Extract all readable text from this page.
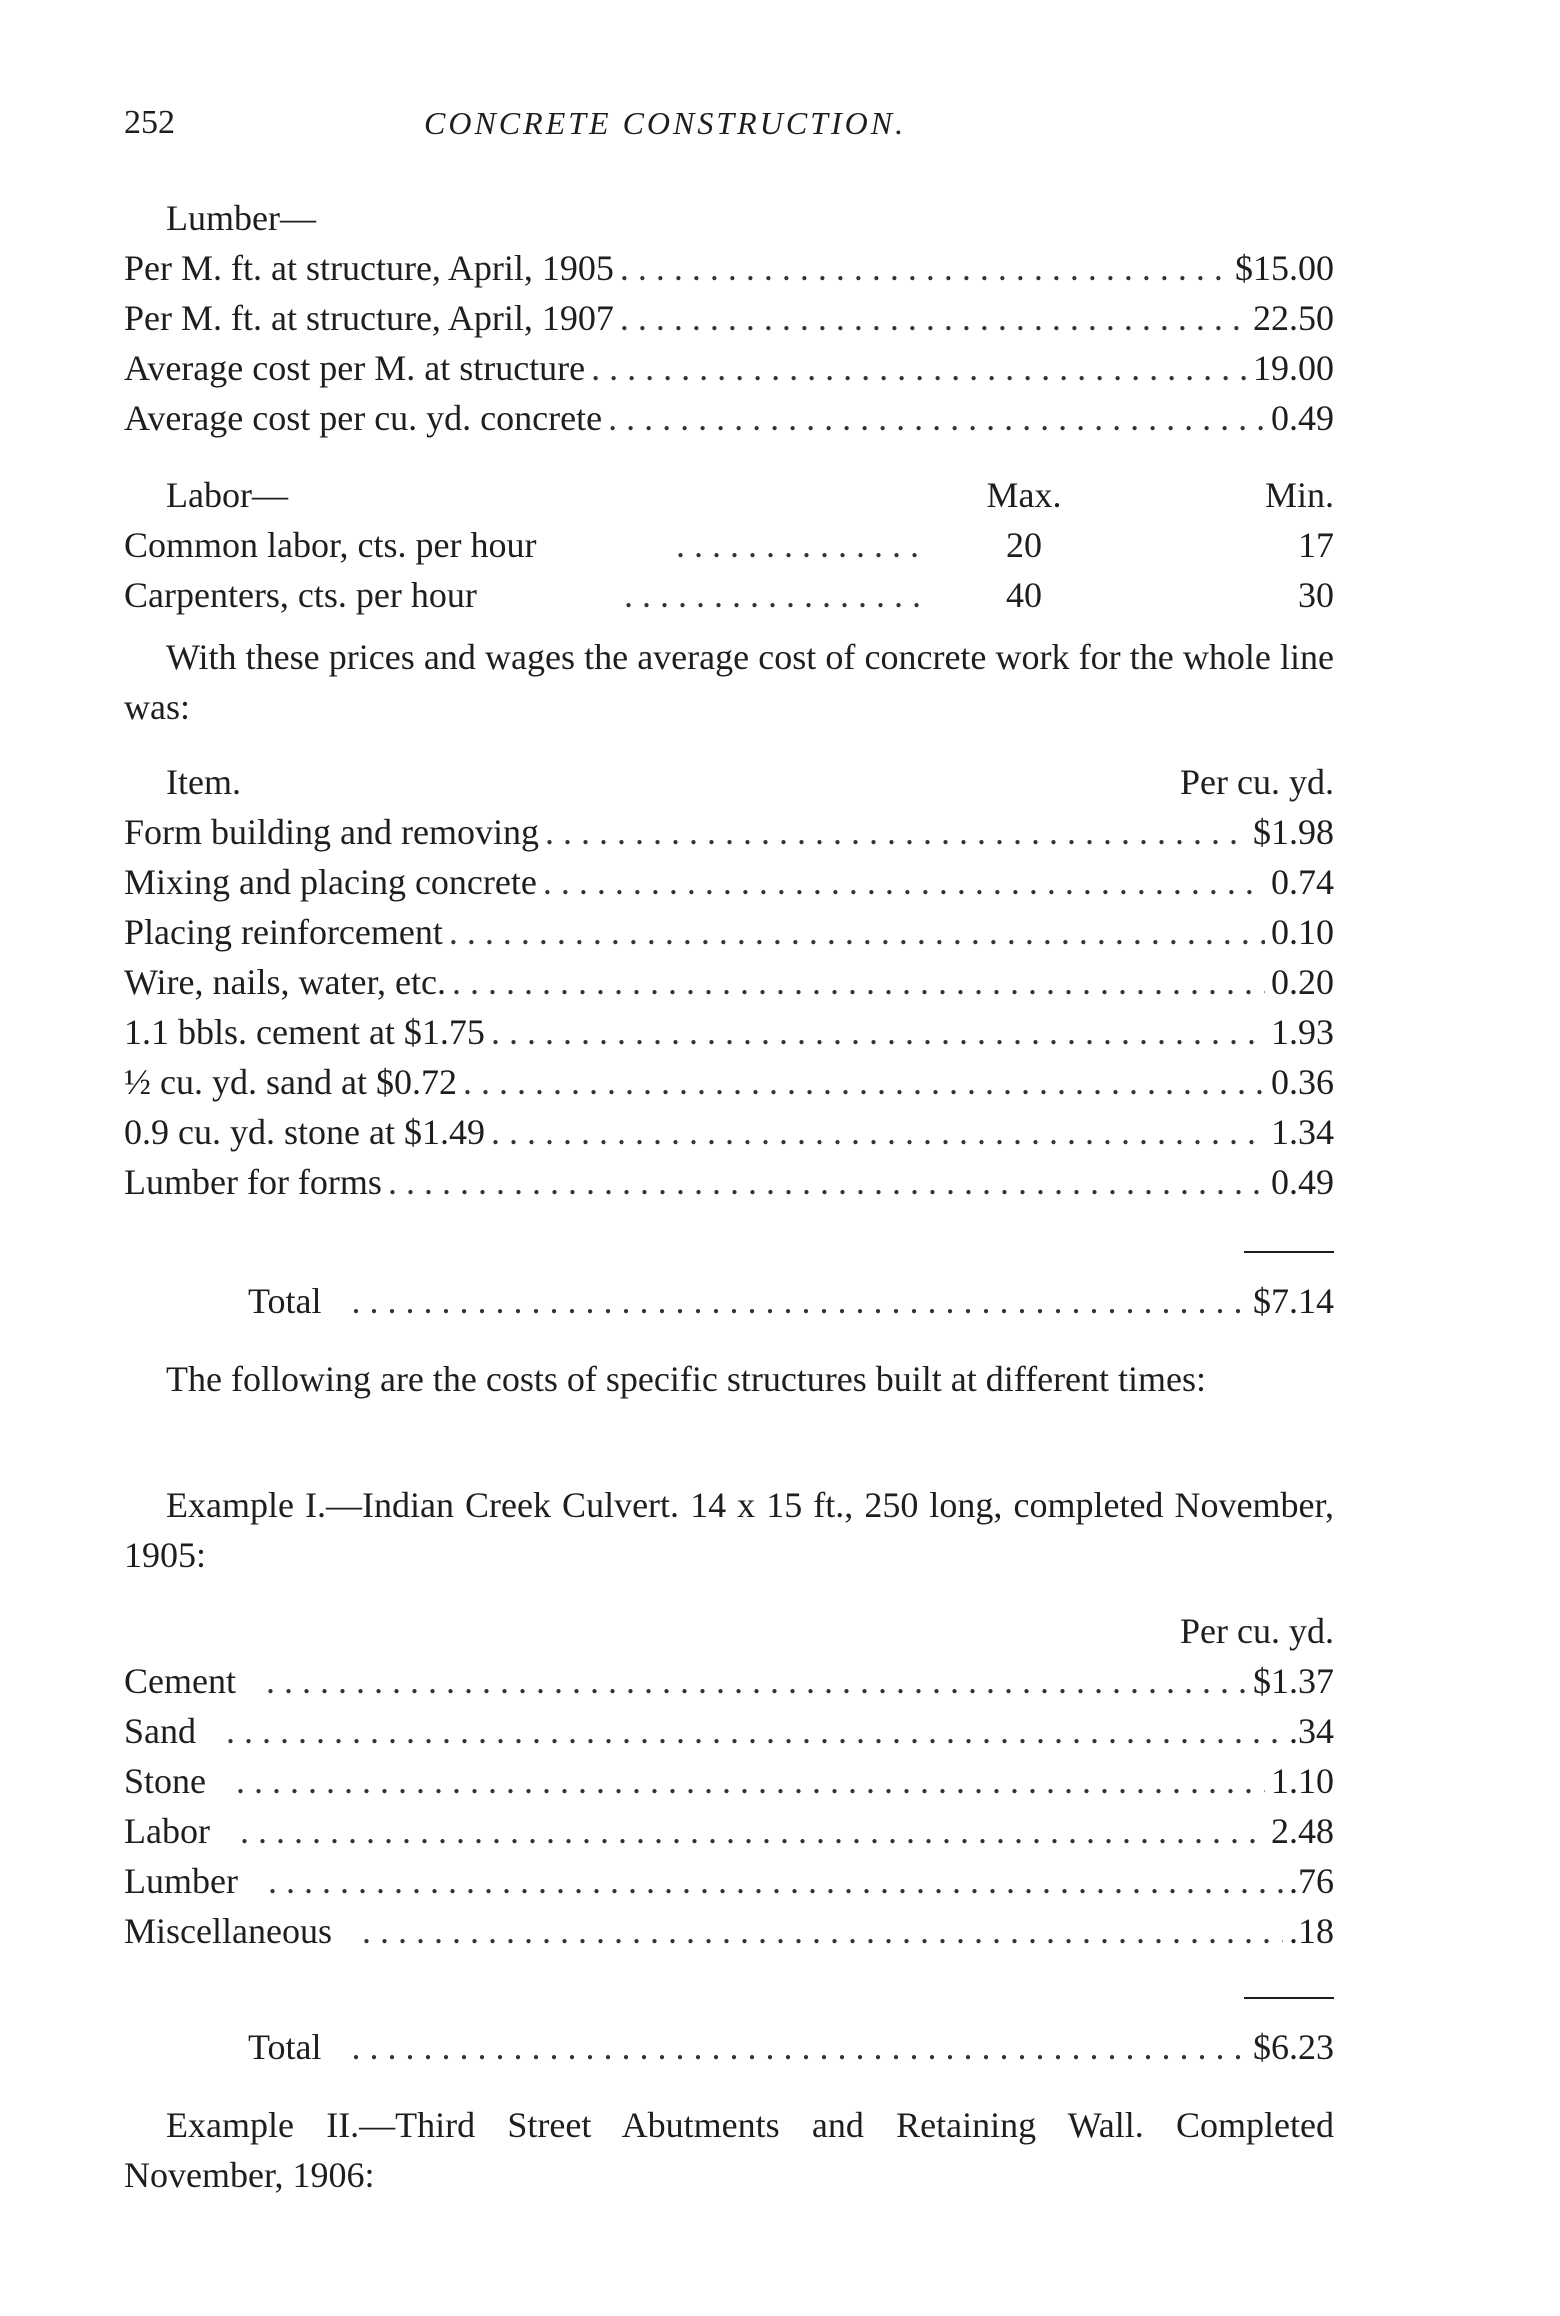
252	CONCRETE CONSTRUCTION.
Lumber—
Per M. ft. at structure, April, 1905 . . .	$15.00
Per M. ft. at structure, April, 1907 . . .	22.50
Average cost per M. at structure . . .	19.00
Average cost per cu. yd. concrete . . .	0.49
Labor—	Max.	Min.
Common labor, cts. per hour . . .	20	17
Carpenters, cts. per hour . . .	40	30
With these prices and wages the average cost of concrete work for the whole line was:
Item.	Per cu. yd.
Form building and removing . . .	$1.98
Mixing and placing concrete . . .	0.74
Placing reinforcement . . .	0.10
Wire, nails, water, etc. . . .	0.20
1.1 bbls. cement at $1.75 . . .	1.93
½ cu. yd. sand at $0.72 . . .	0.36
0.9 cu. yd. stone at $1.49 . . .	1.34
Lumber for forms . . .	0.49
Total . . .	$7.14
The following are the costs of specific structures built at different times:
Example I.—Indian Creek Culvert. 14 x 15 ft., 250 long, completed November, 1905:
Per cu. yd.
Cement . . .	$1.37
Sand . . .	.34
Stone . . .	1.10
Labor . . .	2.48
Lumber . . .	.76
Miscellaneous . . .	.18
Total . . .	$6.23
Example II.—Third Street Abutments and Retaining Wall. Completed November, 1906:
